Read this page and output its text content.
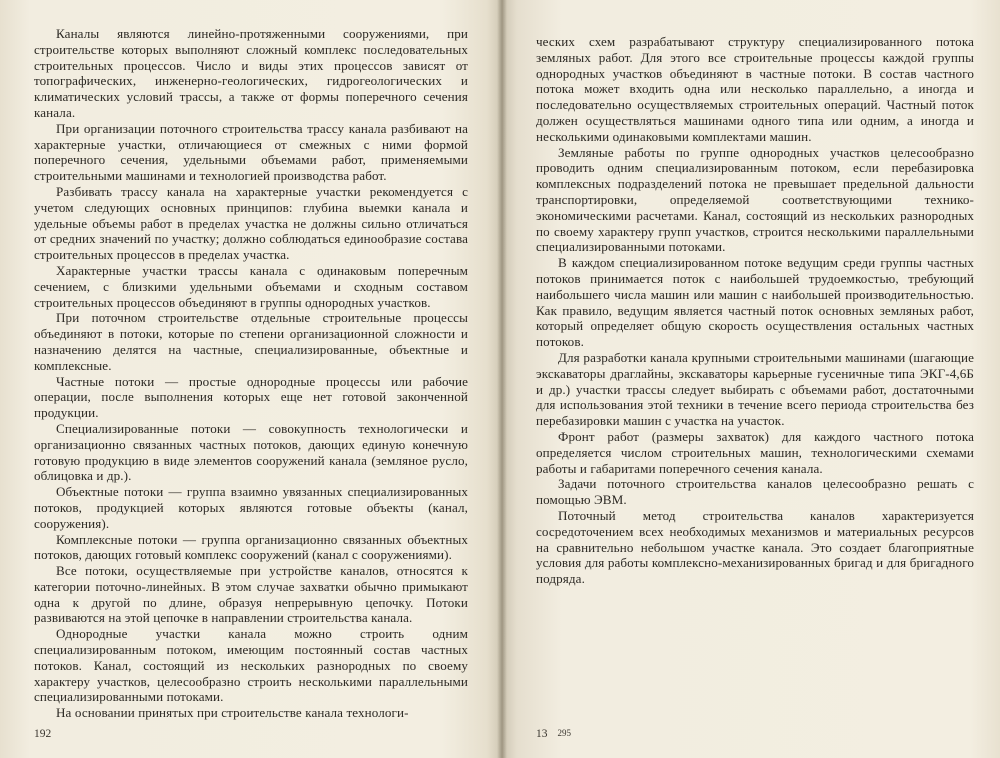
Каналы являются линейно-протяженными сооружениями, при строительстве которых выполняют сложный комплекс последовательных строительных процессов. Число и виды этих процессов зависят от топографических, инженерно-геологических, гидрогеологических и климатических условий трассы, а также от формы поперечного сечения канала.

При организации поточного строительства трассу канала разбивают на характерные участки, отличающиеся от смежных с ними формой поперечного сечения, удельными объемами работ, применяемыми строительными машинами и технологией производства работ.

Разбивать трассу канала на характерные участки рекомендуется с учетом следующих основных принципов: глубина выемки канала и удельные объемы работ в пределах участка не должны сильно отличаться от средних значений по участку; должно соблюдаться единообразие состава строительных процессов в пределах участка.

Характерные участки трассы канала с одинаковым поперечным сечением, с близкими удельными объемами и сходным составом строительных процессов объединяют в группы однородных участков.

При поточном строительстве отдельные строительные процессы объединяют в потоки, которые по степени организационной сложности и назначению делятся на частные, специализированные, объектные и комплексные.

Частные потоки — простые однородные процессы или рабочие операции, после выполнения которых еще нет готовой законченной продукции.

Специализированные потоки — совокупность технологически и организационно связанных частных потоков, дающих единую конечную готовую продукцию в виде элементов сооружений канала (земляное русло, облицовка и др.).

Объектные потоки — группа взаимно увязанных специализированных потоков, продукцией которых являются готовые объекты (канал, сооружения).

Комплексные потоки — группа организационно связанных объектных потоков, дающих готовый комплекс сооружений (канал с сооружениями).

Все потоки, осуществляемые при устройстве каналов, относятся к категории поточно-линейных. В этом случае захватки обычно примыкают одна к другой по длине, образуя непрерывную цепочку. Потоки развиваются на этой цепочке в направлении строительства канала.

Однородные участки канала можно строить одним специализированным потоком, имеющим постоянный состав частных потоков. Канал, состоящий из нескольких разнородных по своему характеру участков, целесообразно строить несколькими параллельными специализированными потоками.

На основании принятых при строительстве канала технологи-

192

ческих схем разрабатывают структуру специализированного потока земляных работ. Для этого все строительные процессы каждой группы однородных участков объединяют в частные потоки. В состав частного потока может входить одна или несколько параллельно, а иногда и последовательно осуществляемых строительных операций. Частный поток должен осуществляться машинами одного типа или одним, а иногда и несколькими одинаковыми комплектами машин.

Земляные работы по группе однородных участков целесообразно проводить одним специализированным потоком, если перебазировка комплексных подразделений потока не превышает предельной дальности транспортировки, определяемой соответствующими технико-экономическими расчетами. Канал, состоящий из нескольких разнородных по своему характеру групп участков, строится несколькими параллельными специализированными потоками.

В каждом специализированном потоке ведущим среди группы частных потоков принимается поток с наибольшей трудоемкостью, требующий наибольшего числа машин или машин с наибольшей производительностью. Как правило, ведущим является частный поток основных земляных работ, который определяет общую скорость осуществления остальных частных потоков.

Для разработки канала крупными строительными машинами (шагающие экскаваторы драглайны, экскаваторы карьерные гусеничные типа ЭКГ-4,6Б и др.) участки трассы следует выбирать с объемами работ, достаточными для использования этой техники в течение всего периода строительства без перебазировки машин с участка на участок.

Фронт работ (размеры захваток) для каждого частного потока определяется числом строительных машин, технологическими схемами работы и габаритами поперечного сечения канала.

Задачи поточного строительства каналов целесообразно решать с помощью ЭВМ.

Поточный метод строительства каналов характеризуется сосредоточением всех необходимых механизмов и материальных ресурсов на сравнительно небольшом участке канала. Это создает благоприятные условия для работы комплексно-механизированных бригад и для бригадного подряда.

13 295
